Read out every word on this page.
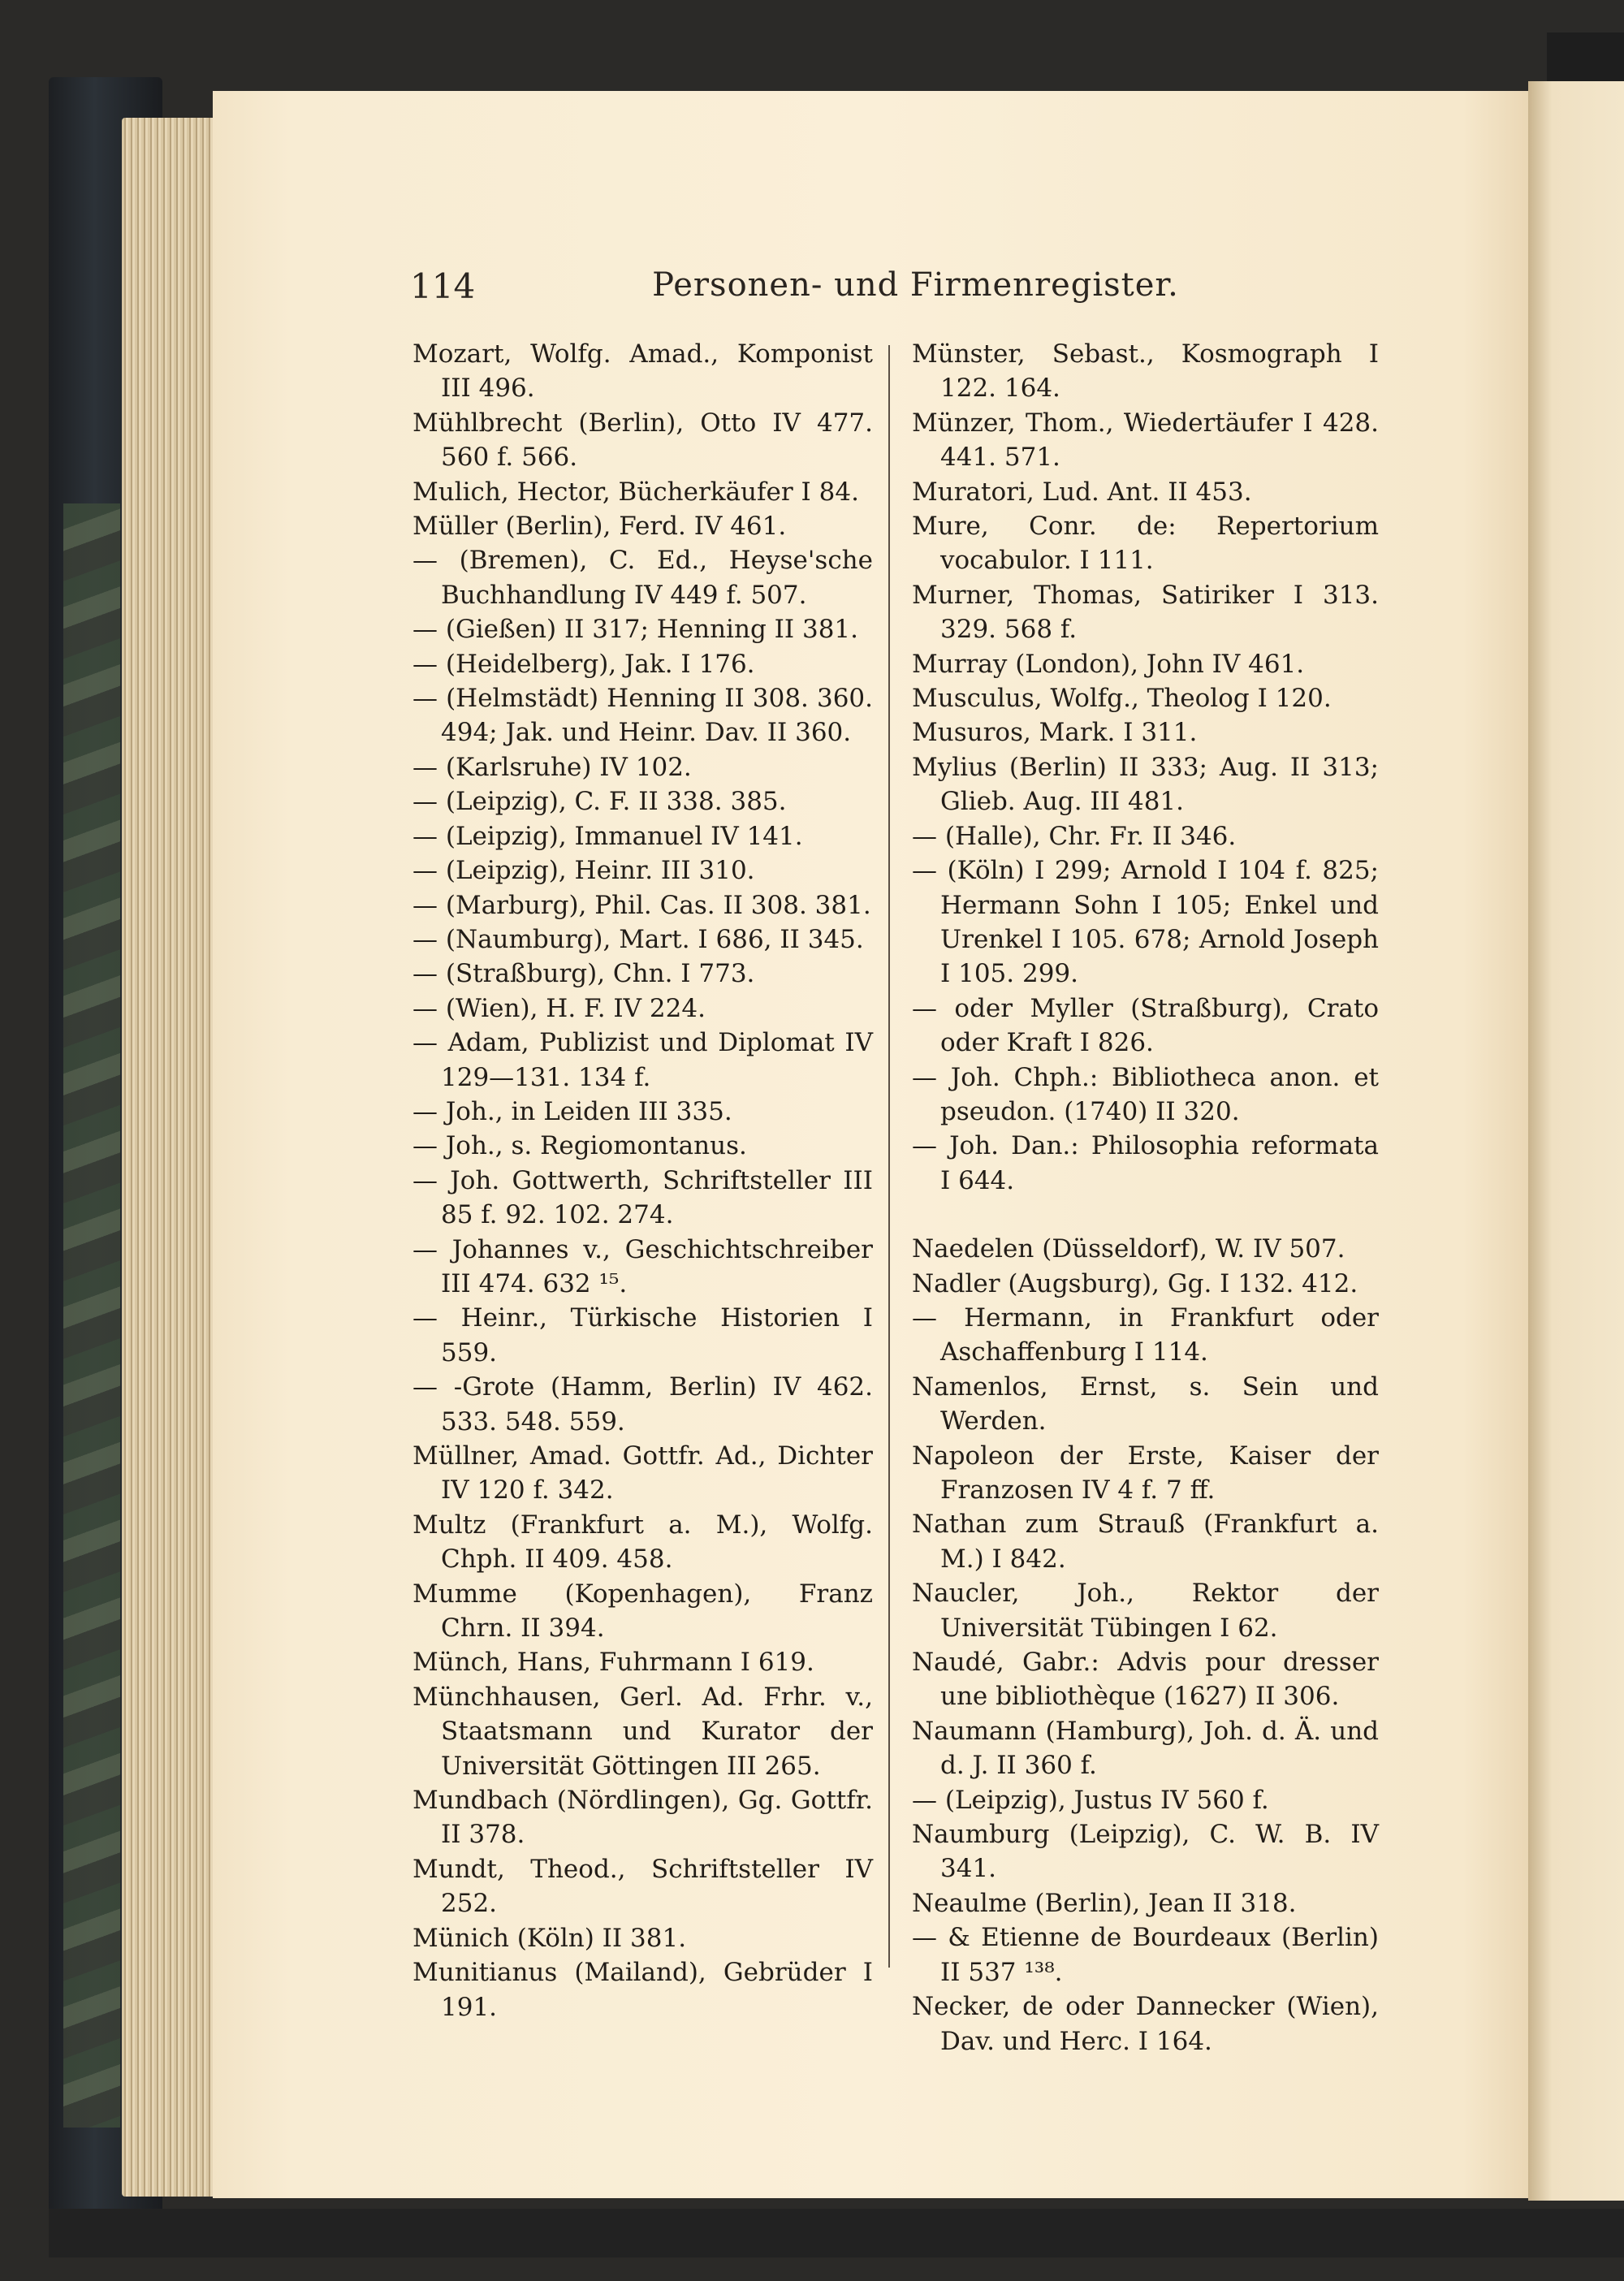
114	Personen- und Firmenregister.

Mozart, Wolfg. Amad., Komponist III 496.

Mühlbrecht (Berlin), Otto IV 477. 560 f. 566.

Mulich, Hector, Bücherkäufer I 84.

Müller (Berlin), Ferd. IV 461.

— (Bremen), C. Ed., Heyse'sche Buchhandlung IV 449 f. 507.

— (Gießen) II 317; Henning II 381.

— (Heidelberg), Jak. I 176.

— (Helmstädt) Henning II 308. 360. 494; Jak. und Heinr. Dav. II 360.

— (Karlsruhe) IV 102.

— (Leipzig), C. F. II 338. 385.

— (Leipzig), Immanuel IV 141.

— (Leipzig), Heinr. III 310.

— (Marburg), Phil. Cas. II 308. 381.

— (Naumburg), Mart. I 686, II 345.

— (Straßburg), Chn. I 773.

— (Wien), H. F. IV 224.

— Adam, Publizist und Diplomat IV 129—131. 134 f.

— Joh., in Leiden III 335.

— Joh., s. Regiomontanus.

— Joh. Gottwerth, Schriftsteller III 85 f. 92. 102. 274.

— Johannes v., Geschichtschreiber III 474. 632 ¹⁵.

— Heinr., Türkische Historien I 559.

— -Grote (Hamm, Berlin) IV 462. 533. 548. 559.

Müllner, Amad. Gottfr. Ad., Dichter IV 120 f. 342.

Multz (Frankfurt a. M.), Wolfg. Chph. II 409. 458.

Mumme (Kopenhagen), Franz Chrn. II 394.

Münch, Hans, Fuhrmann I 619.

Münchhausen, Gerl. Ad. Frhr. v., Staatsmann und Kurator der Universität Göttingen III 265.

Mundbach (Nördlingen), Gg. Gottfr. II 378.

Mundt, Theod., Schriftsteller IV 252.

Münich (Köln) II 381.

Munitianus (Mailand), Gebrüder I 191.

Münster, Sebast., Kosmograph I 122. 164.

Münzer, Thom., Wiedertäufer I 428. 441. 571.

Muratori, Lud. Ant. II 453.

Mure, Conr. de: Repertorium vocabulor. I 111.

Murner, Thomas, Satiriker I 313. 329. 568 f.

Murray (London), John IV 461.

Musculus, Wolfg., Theolog I 120.

Musuros, Mark. I 311.

Mylius (Berlin) II 333; Aug. II 313; Glieb. Aug. III 481.

— (Halle), Chr. Fr. II 346.

— (Köln) I 299; Arnold I 104 f. 825; Hermann Sohn I 105; Enkel und Urenkel I 105. 678; Arnold Joseph I 105. 299.

— oder Myller (Straßburg), Crato oder Kraft I 826.

— Joh. Chph.: Bibliotheca anon. et pseudon. (1740) II 320.

— Joh. Dan.: Philosophia reformata I 644.

Naedelen (Düsseldorf), W. IV 507.

Nadler (Augsburg), Gg. I 132. 412.

— Hermann, in Frankfurt oder Aschaffenburg I 114.

Namenlos, Ernst, s. Sein und Werden.

Napoleon der Erste, Kaiser der Franzosen IV 4 f. 7 ff.

Nathan zum Strauß (Frankfurt a. M.) I 842.

Naucler, Joh., Rektor der Universität Tübingen I 62.

Naudé, Gabr.: Advis pour dresser une bibliothèque (1627) II 306.

Naumann (Hamburg), Joh. d. Ä. und d. J. II 360 f.

— (Leipzig), Justus IV 560 f.

Naumburg (Leipzig), C. W. B. IV 341.

Neaulme (Berlin), Jean II 318.

— & Etienne de Bourdeaux (Berlin) II 537 ¹³⁸.

Necker, de oder Dannecker (Wien), Dav. und Herc. I 164.
